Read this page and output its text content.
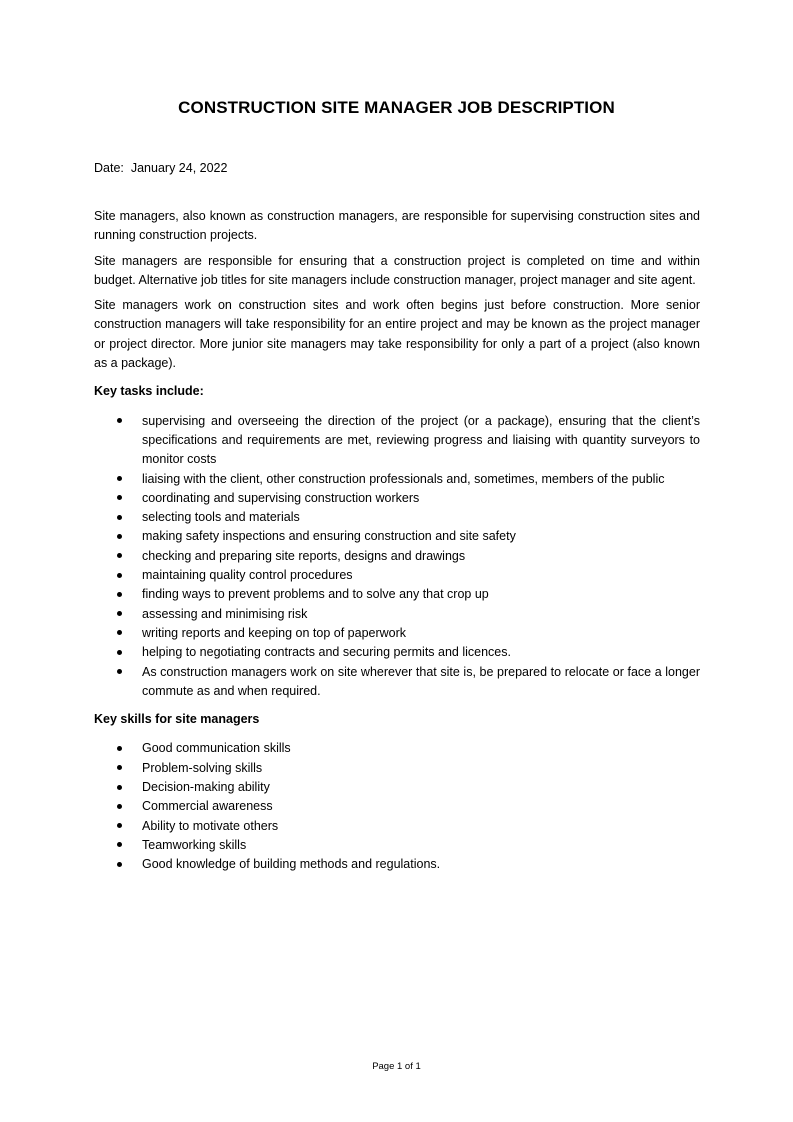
CONSTRUCTION SITE MANAGER JOB DESCRIPTION
Date: January 24, 2022

Site managers, also known as construction managers, are responsible for supervising construction sites and running construction projects.

Site managers are responsible for ensuring that a construction project is completed on time and within budget. Alternative job titles for site managers include construction manager, project manager and site agent.

Site managers work on construction sites and work often begins just before construction. More senior construction managers will take responsibility for an entire project and may be known as the project manager or project director. More junior site managers may take responsibility for only a part of a project (also known as a package).

Key tasks include:
supervising and overseeing the direction of the project (or a package), ensuring that the client’s specifications and requirements are met, reviewing progress and liaising with quantity surveyors to monitor costs
liaising with the client, other construction professionals and, sometimes, members of the public
coordinating and supervising construction workers
selecting tools and materials
making safety inspections and ensuring construction and site safety
checking and preparing site reports, designs and drawings
maintaining quality control procedures
finding ways to prevent problems and to solve any that crop up
assessing and minimising risk
writing reports and keeping on top of paperwork
helping to negotiating contracts and securing permits and licences.
As construction managers work on site wherever that site is, be prepared to relocate or face a longer commute as and when required.
Key skills for site managers
Good communication skills
Problem-solving skills
Decision-making ability
Commercial awareness
Ability to motivate others
Teamworking skills
Good knowledge of building methods and regulations.
Page 1 of 1
